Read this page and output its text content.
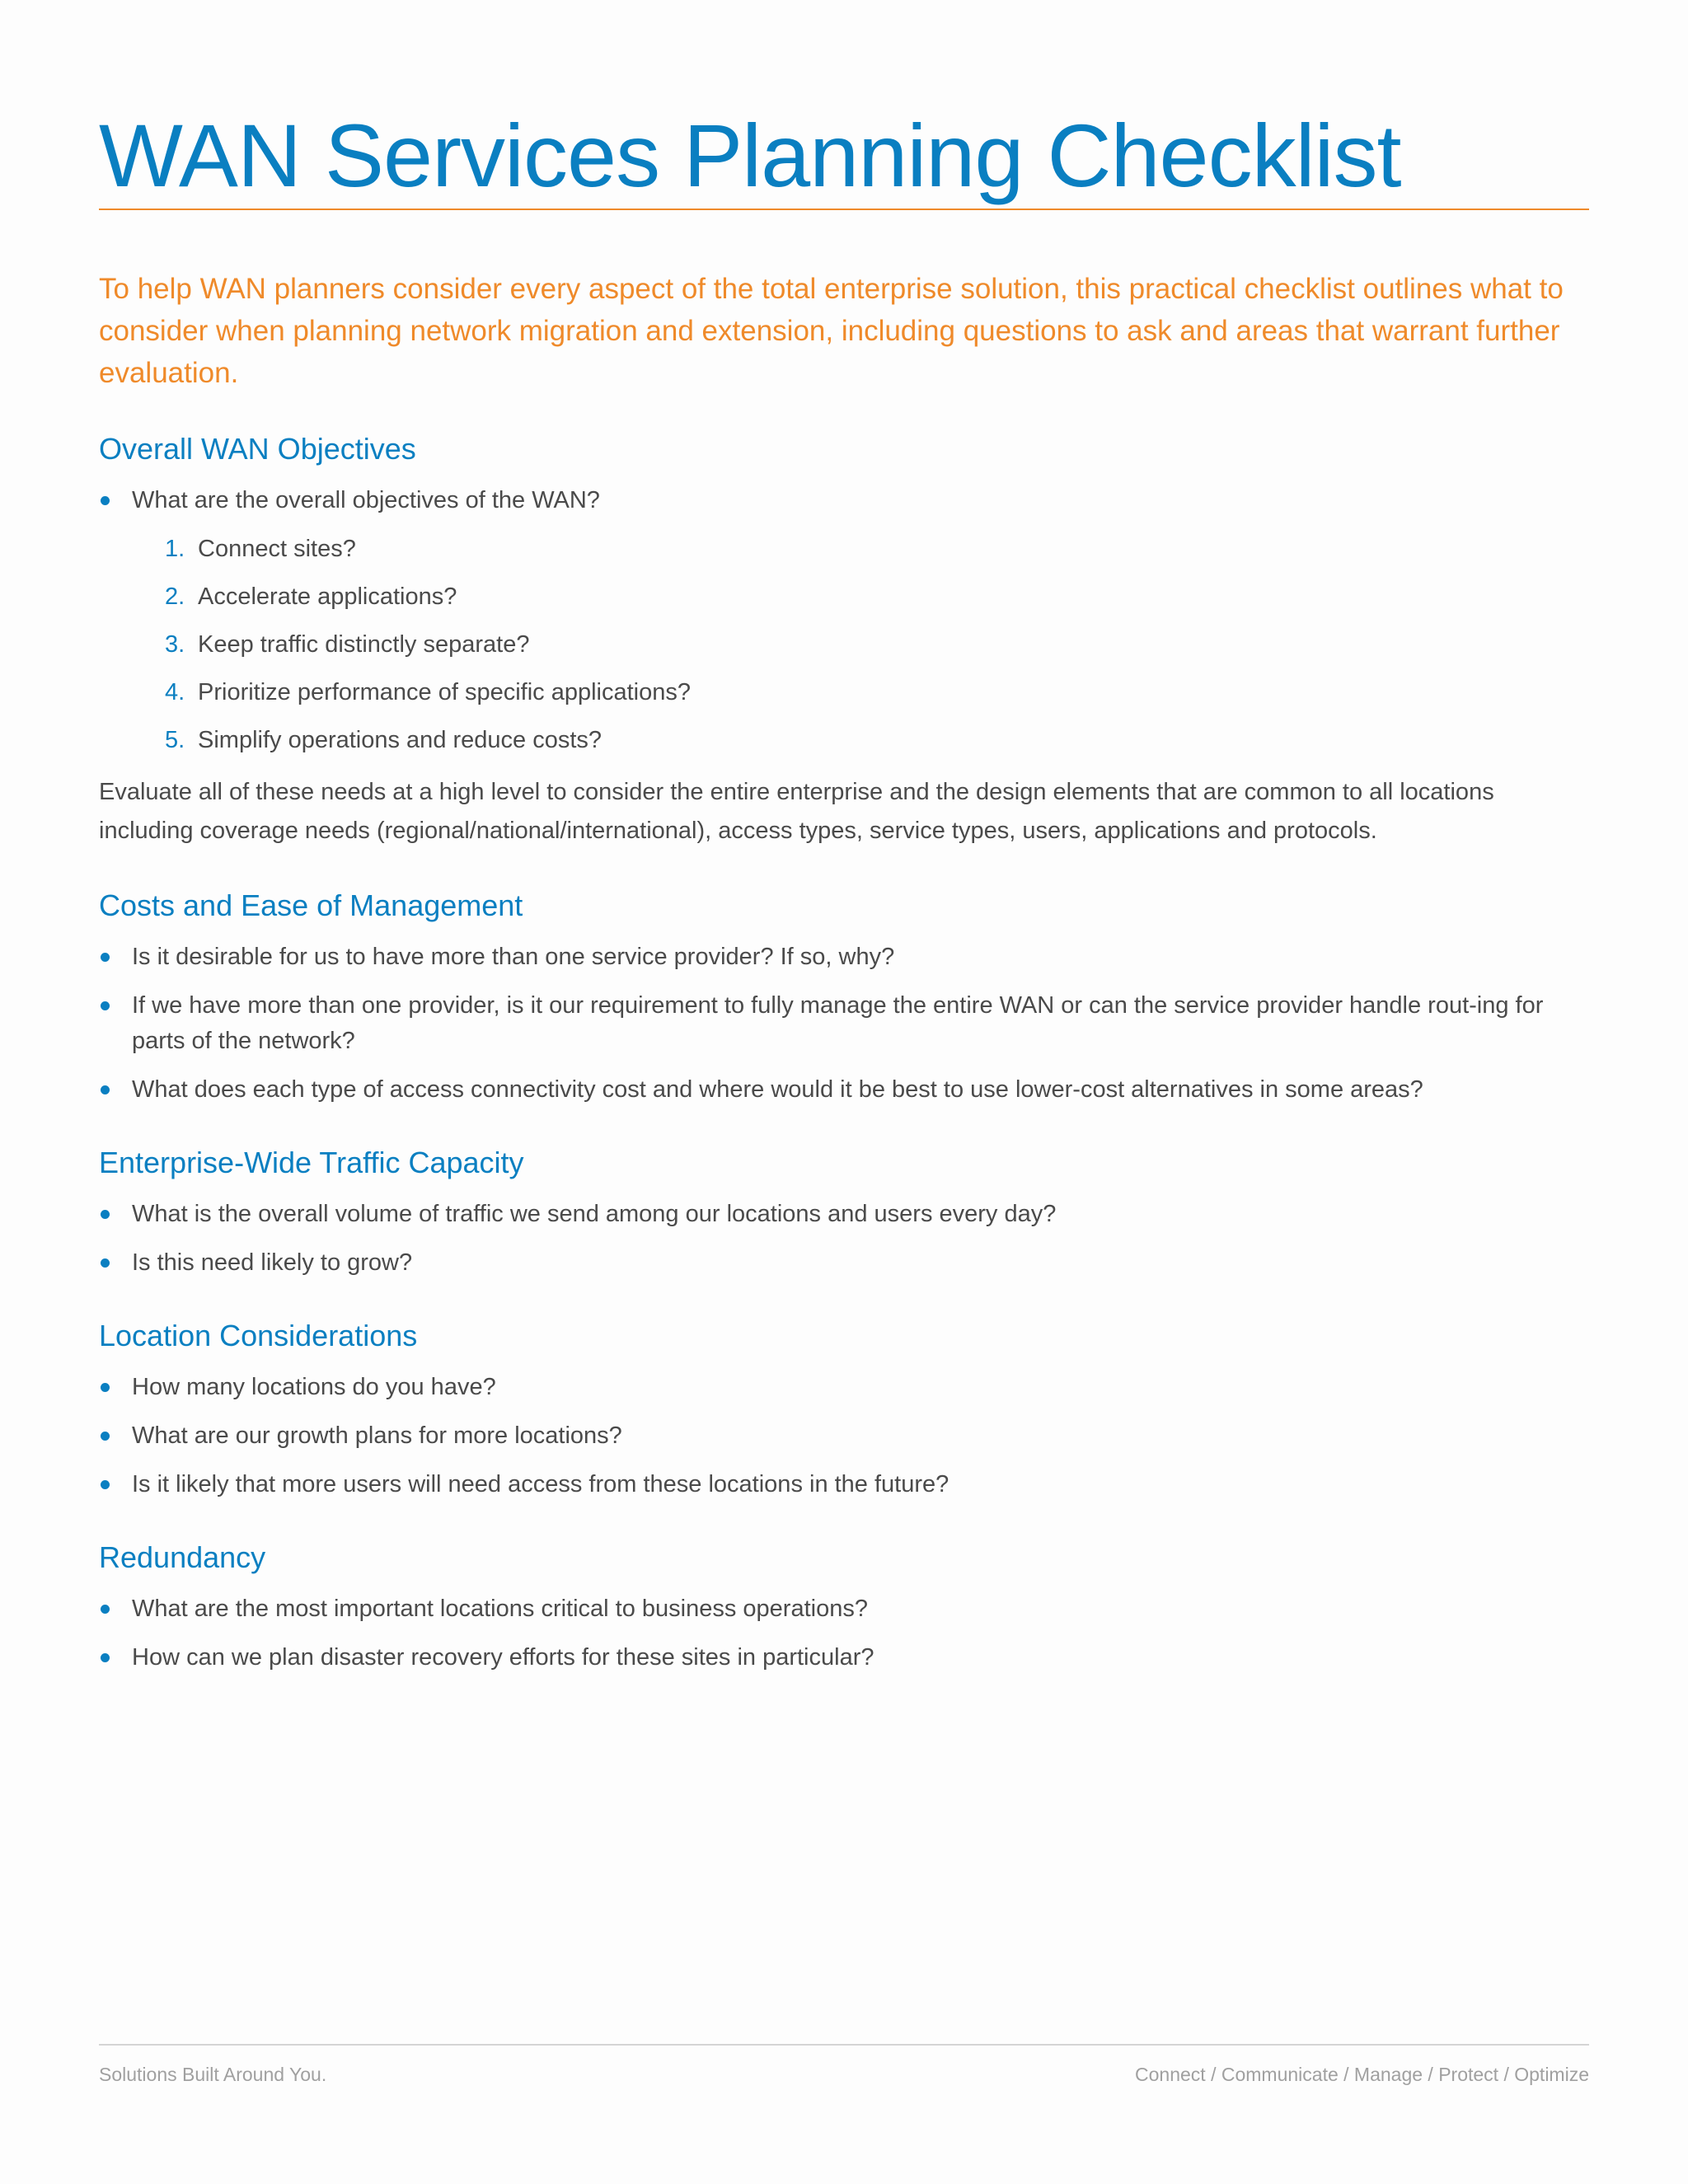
WAN Services Planning Checklist

To help WAN planners consider every aspect of the total enterprise solution, this practical checklist outlines what to consider when planning network migration and extension, including questions to ask and areas that warrant further evaluation.

Overall WAN Objectives
What are the overall objectives of the WAN?
1. Connect sites?
2. Accelerate applications?
3. Keep traffic distinctly separate?
4. Prioritize performance of specific applications?
5. Simplify operations and reduce costs?

Evaluate all of these needs at a high level to consider the entire enterprise and the design elements that are common to all locations including coverage needs (regional/national/international), access types, service types, users, applications and protocols.

Costs and Ease of Management
Is it desirable for us to have more than one service provider? If so, why?
If we have more than one provider, is it our requirement to fully manage the entire WAN or can the service provider handle rout-ing for parts of the network?
What does each type of access connectivity cost and where would it be best to use lower-cost alternatives in some areas?
Enterprise-Wide Traffic Capacity
What is the overall volume of traffic we send among our locations and users every day?
Is this need likely to grow?
Location Considerations
How many locations do you have?
What are our growth plans for more locations?
Is it likely that more users will need access from these locations in the future?
Redundancy
What are the most important locations critical to business operations?
How can we plan disaster recovery efforts for these sites in particular?
Solutions Built Around You.	Connect / Communicate / Manage / Protect / Optimize
